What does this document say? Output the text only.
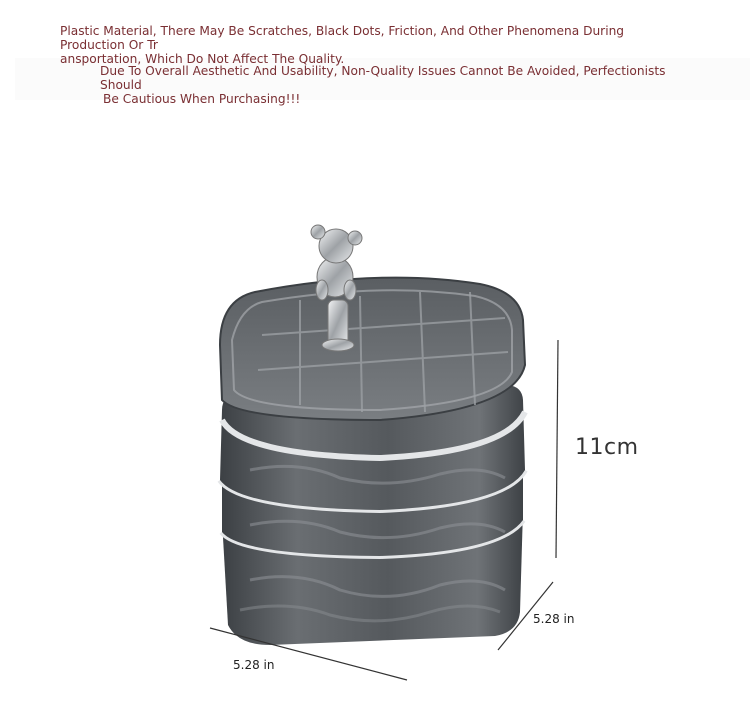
Plastic Material, There May Be Scratches, Black Dots, Friction, And Other Phenomena During Production Or Tr
ansportation, Which Do Not Affect The Quality.

Due To Overall Aesthetic And Usability, Non-Quality Issues Cannot Be Avoided, Perfectionists Should
Be Cautious When Purchasing!!!

11cm
5.28 in
5.28 in
